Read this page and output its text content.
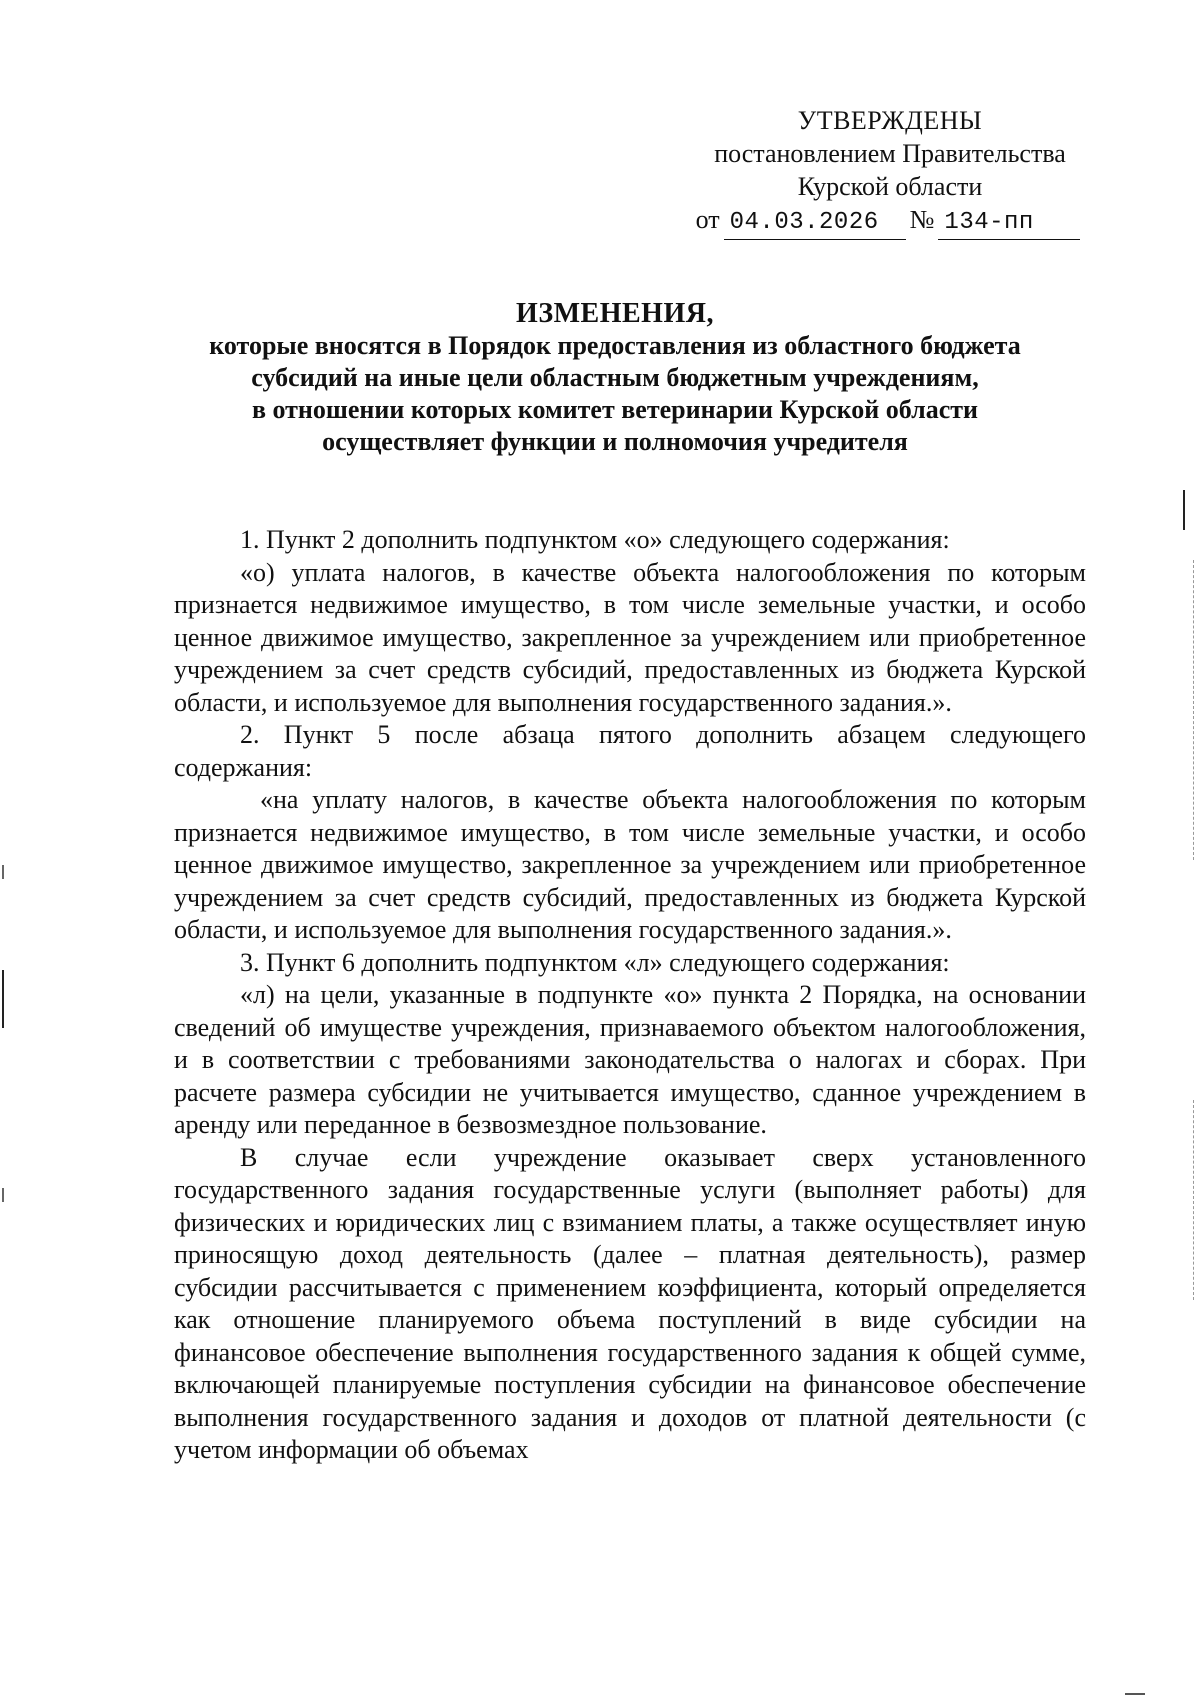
УТВЕРЖДЕНЫ
постановлением Правительства
Курской области
от 04.03.2026 № 134-пп
ИЗМЕНЕНИЯ,
которые вносятся в Порядок предоставления из областного бюджета
субсидий на иные цели областным бюджетным учреждениям,
в отношении которых комитет ветеринарии Курской области
осуществляет функции и полномочия учредителя

1. Пункт 2 дополнить подпунктом «о» следующего содержания:

«о) уплата налогов, в качестве объекта налогообложения по которым признается недвижимое имущество, в том числе земельные участки, и особо ценное движимое имущество, закрепленное за учреждением или приобретенное учреждением за счет средств субсидий, предоставленных из бюджета Курской области, и используемое для выполнения государственного задания.».

2. Пункт 5 после абзаца пятого дополнить абзацем следующего содержания:

«на уплату налогов, в качестве объекта налогообложения по которым признается недвижимое имущество, в том числе земельные участки, и особо ценное движимое имущество, закрепленное за учреждением или приобретенное учреждением за счет средств субсидий, предоставленных из бюджета Курской области, и используемое для выполнения государственного задания.».

3. Пункт 6 дополнить подпунктом «л» следующего содержания:

«л) на цели, указанные в подпункте «о» пункта 2 Порядка, на основании сведений об имуществе учреждения, признаваемого объектом налогообложения, и в соответствии с требованиями законодательства о налогах и сборах. При расчете размера субсидии не учитывается имущество, сданное учреждением в аренду или переданное в безвозмездное пользование.

В случае если учреждение оказывает сверх установленного государственного задания государственные услуги (выполняет работы) для физических и юридических лиц с взиманием платы, а также осуществляет иную приносящую доход деятельность (далее – платная деятельность), размер субсидии рассчитывается с применением коэффициента, который определяется как отношение планируемого объема поступлений в виде субсидии на финансовое обеспечение выполнения государственного задания к общей сумме, включающей планируемые поступления субсидии на финансовое обеспечение выполнения государственного задания и доходов от платной деятельности (с учетом информации об объемах
